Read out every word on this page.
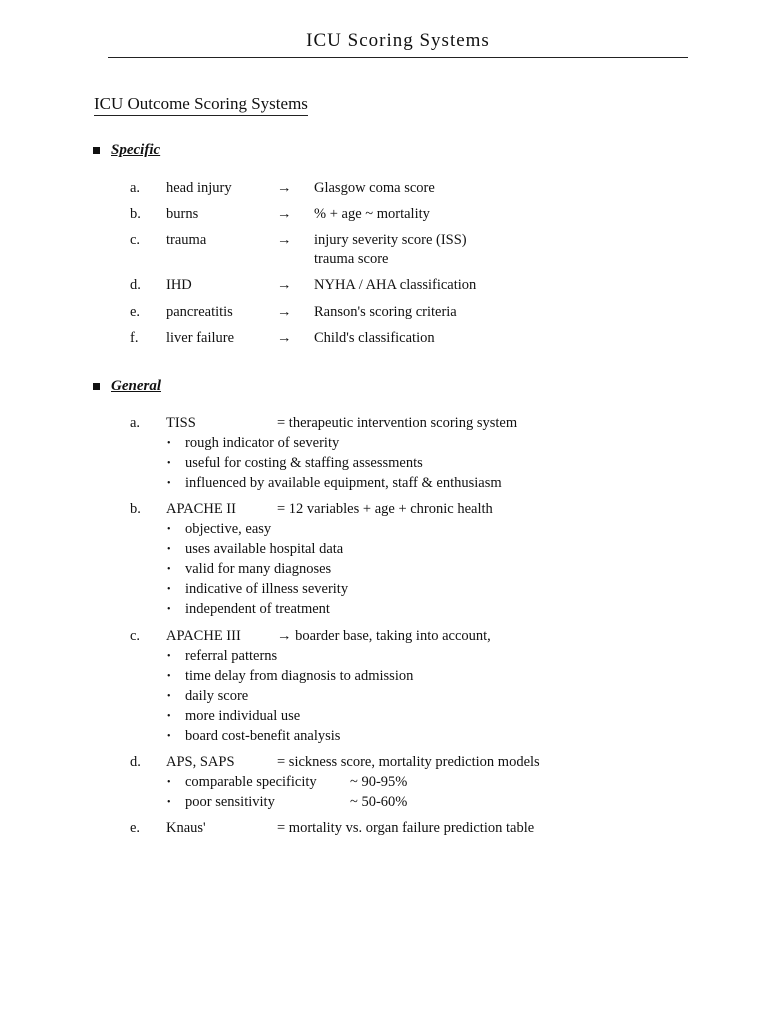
ICU Scoring Systems
ICU Outcome Scoring Systems
Specific
a. head injury	→ Glasgow coma score
b. burns	→ % + age ~ mortality
c. trauma	→ injury severity score (ISS)
trauma score
d. IHD	→ NYHA / AHA classification
e. pancreatitis	→ Ranson's scoring criteria
f. liver failure	→ Child's classification
General
a. TISS	= therapeutic intervention scoring system
• rough indicator of severity
• useful for costing & staffing assessments
• influenced by available equipment, staff & enthusiasm
b. APACHE II	= 12 variables + age + chronic health
• objective, easy
• uses available hospital data
• valid for many diagnoses
• indicative of illness severity
• independent of treatment
c. APACHE III → boarder base, taking into account,
• referral patterns
• time delay from diagnosis to admission
• daily score
• more individual use
• board cost-benefit analysis
d. APS, SAPS	= sickness score, mortality prediction models
• comparable specificity ~ 90-95%
• poor sensitivity	~ 50-60%
e. Knaus'	= mortality vs. organ failure prediction table
